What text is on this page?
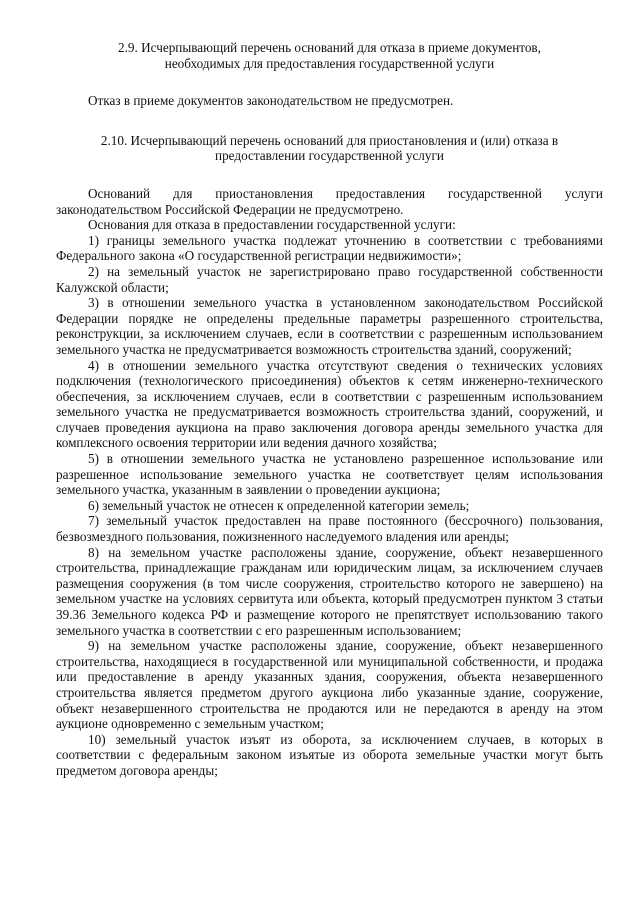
2.9. Исчерпывающий перечень оснований для отказа в приеме документов, необходимых для предоставления государственной услуги

Отказ в приеме документов законодательством не предусмотрен.

2.10. Исчерпывающий перечень оснований для приостановления и (или) отказа в предоставлении государственной услуги

Оснований для приостановления предоставления государственной услуги законодательством Российской Федерации не предусмотрено.

Основания для отказа в предоставлении государственной услуги:

1) границы земельного участка подлежат уточнению в соответствии с требованиями Федерального закона «О государственной регистрации недвижимости»;

2) на земельный участок не зарегистрировано право государственной собственности Калужской области;

3) в отношении земельного участка в установленном законодательством Российской Федерации порядке не определены предельные параметры разрешенного строительства, реконструкции, за исключением случаев, если в соответствии с разрешенным использованием земельного участка не предусматривается возможность строительства зданий, сооружений;

4) в отношении земельного участка отсутствуют сведения о технических условиях подключения (технологического присоединения) объектов к сетям инженерно-технического обеспечения, за исключением случаев, если в соответствии с разрешенным использованием земельного участка не предусматривается возможность строительства зданий, сооружений, и случаев проведения аукциона на право заключения договора аренды земельного участка для комплексного освоения территории или ведения дачного хозяйства;

5) в отношении земельного участка не установлено разрешенное использование или разрешенное использование земельного участка не соответствует целям использования земельного участка, указанным в заявлении о проведении аукциона;

6) земельный участок не отнесен к определенной категории земель;

7) земельный участок предоставлен на праве постоянного (бессрочного) пользования, безвозмездного пользования, пожизненного наследуемого владения или аренды;

8) на земельном участке расположены здание, сооружение, объект незавершенного строительства, принадлежащие гражданам или юридическим лицам, за исключением случаев размещения сооружения (в том числе сооружения, строительство которого не завершено) на земельном участке на условиях сервитута или объекта, который предусмотрен пунктом 3 статьи 39.36 Земельного кодекса РФ и размещение которого не препятствует использованию такого земельного участка в соответствии с его разрешенным использованием;

9) на земельном участке расположены здание, сооружение, объект незавершенного строительства, находящиеся в государственной или муниципальной собственности, и продажа или предоставление в аренду указанных здания, сооружения, объекта незавершенного строительства является предметом другого аукциона либо указанные здание, сооружение, объект незавершенного строительства не продаются или не передаются в аренду на этом аукционе одновременно с земельным участком;

10) земельный участок изъят из оборота, за исключением случаев, в которых в соответствии с федеральным законом изъятые из оборота земельные участки могут быть предметом договора аренды;
